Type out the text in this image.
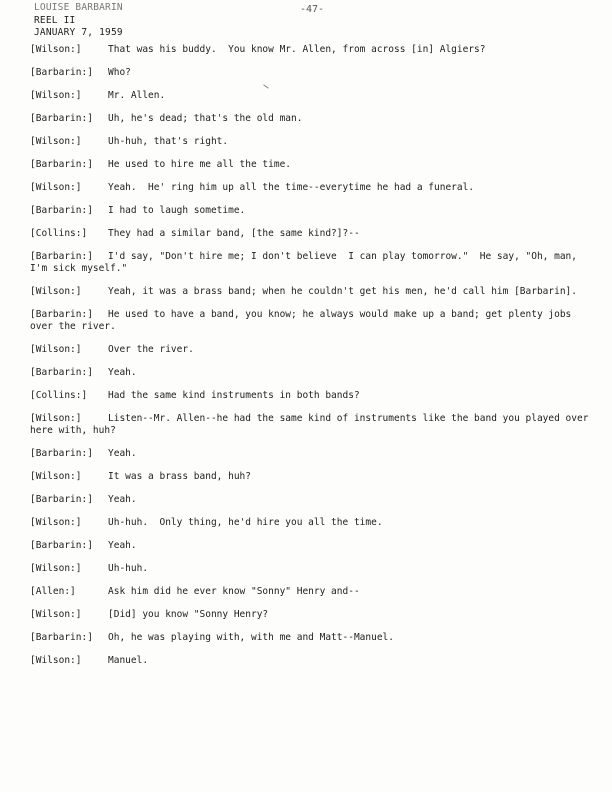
LOUISE BARBARIN
REEL II
JANUARY 7, 1959
-47-
[Wilson:]	That was his buddy.  You know Mr. Allen, from across [in] Algiers?
[Barbarin:]	Who?
[Wilson:]	Mr. Allen.
[Barbarin:]	Uh, he's dead; that's the old man.
[Wilson:]	Uh-huh, that's right.
[Barbarin:]	He used to hire me all the time.
[Wilson:]	Yeah.  He' ring him up all the time--everytime he had a funeral.
[Barbarin:]	I had to laugh sometime.
[Collins:]	They had a similar band, [the same kind?]?--
[Barbarin:]	I'd say, "Don't hire me; I don't believe  I can play tomorrow."  He say, "Oh, man, I'm sick myself."
[Wilson:]	Yeah, it was a brass band; when he couldn't get his men, he'd call him [Barbarin].
[Barbarin:]	He used to have a band, you know; he always would make up a band; get plenty jobs over the river.
[Wilson:]	Over the river.
[Barbarin:]	Yeah.
[Collins:]	Had the same kind instruments in both bands?
[Wilson:]	Listen--Mr. Allen--he had the same kind of instruments like the band you played over here with, huh?
[Barbarin:]	Yeah.
[Wilson:]	It was a brass band, huh?
[Barbarin:]	Yeah.
[Wilson:]	Uh-huh.  Only thing, he'd hire you all the time.
[Barbarin:]	Yeah.
[Wilson:]	Uh-huh.
[Allen:]	Ask him did he ever know "Sonny" Henry and--
[Wilson:]	[Did] you know "Sonny Henry?
[Barbarin:]	Oh, he was playing with, with me and Matt--Manuel.
[Wilson:]	Manuel.
